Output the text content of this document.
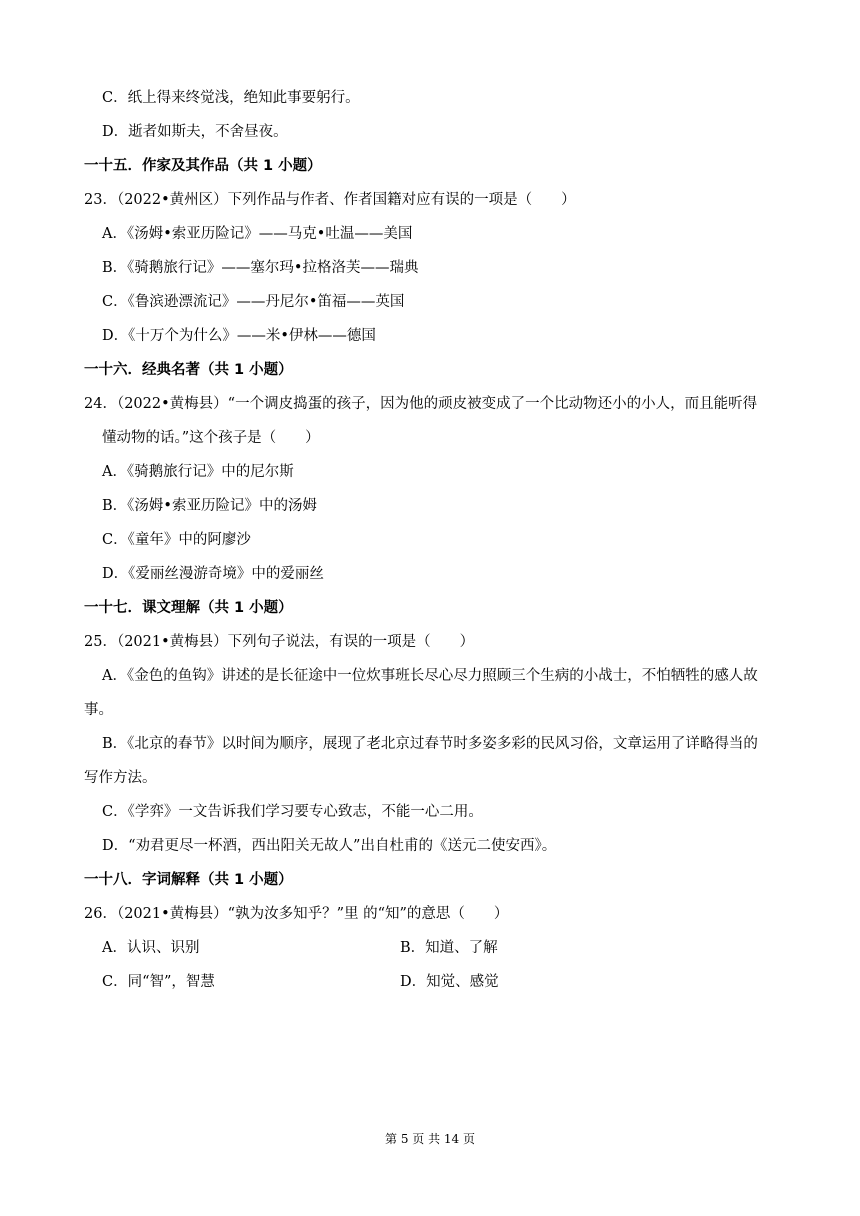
C．纸上得来终觉浅，绝知此事要躬行。
D．逝者如斯夫，不舍昼夜。
一十五．作家及其作品（共 1 小题）
23．（2022•黄州区）下列作品与作者、作者国籍对应有误的一项是（　　）
A．《汤姆•索亚历险记》——马克•吐温——美国
B．《骑鹅旅行记》——塞尔玛•拉格洛芙——瑞典
C．《鲁滨逊漂流记》——丹尼尔•笛福——英国
D．《十万个为什么》——米•伊林——德国
一十六．经典名著（共 1 小题）
24．（2022•黄梅县）“一个调皮捣蛋的孩子，因为他的顽皮被变成了一个比动物还小的小人，而且能听得
懂动物的话。”这个孩子是（　　）
A．《骑鹅旅行记》中的尼尔斯
B．《汤姆•索亚历险记》中的汤姆
C．《童年》中的阿廖沙
D．《爱丽丝漫游奇境》中的爱丽丝
一十七．课文理解（共 1 小题）
25．（2021•黄梅县）下列句子说法，有误的一项是（　　）
A．《金色的鱼钩》讲述的是长征途中一位炊事班长尽心尽力照顾三个生病的小战士，不怕牺牲的感人故
事。
B．《北京的春节》以时间为顺序，展现了老北京过春节时多姿多彩的民风习俗，文章运用了详略得当的
写作方法。
C．《学弈》一文告诉我们学习要专心致志，不能一心二用。
D．“劝君更尽一杯酒，西出阳关无故人”出自杜甫的《送元二使安西》。
一十八．字词解释（共 1 小题）
26．（2021•黄梅县）“孰为汝多知乎？”里 的“知”的意思（　　）
A．认识、识别	B．知道、了解
C．同“智”，智慧	D．知觉、感觉
第 5 页 共 14 页
